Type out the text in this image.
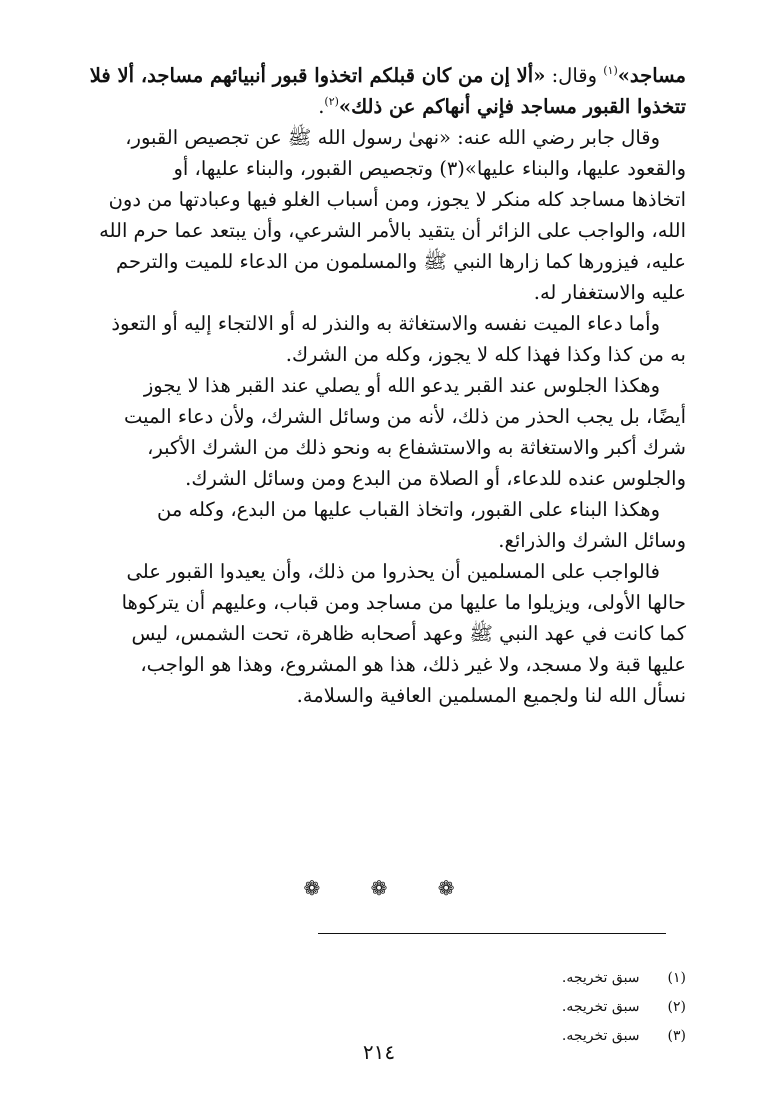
مساجد»$^{(١)}$ وقال: «ألا إن من كان قبلكم اتخذوا قبور أنبيائهم مساجد، ألا فلا
تتخذوا القبور مساجد فإني أنهاكم عن ذلك»$^{(٢)}$.
وقال جابر رضي الله عنه: «نهىٰ رسول الله ﷺ عن تجصيص القبور،
والقعود عليها، والبناء عليها»(٣) وتجصيص القبور، والبناء عليها، أو
اتخاذها مساجد كله منكر لا يجوز، ومن أسباب الغلو فيها وعبادتها من دون
الله، والواجب على الزائر أن يتقيد بالأمر الشرعي، وأن يبتعد عما حرم الله
عليه، فيزورها كما زارها النبي ﷺ والمسلمون من الدعاء للميت والترحم
عليه والاستغفار له.
وأما دعاء الميت نفسه والاستغاثة به والنذر له أو الالتجاء إليه أو التعوذ
به من كذا وكذا فهذا كله لا يجوز، وكله من الشرك.
وهكذا الجلوس عند القبر يدعو الله أو يصلي عند القبر هذا لا يجوز
أيضًا، بل يجب الحذر من ذلك، لأنه من وسائل الشرك، ولأن دعاء الميت
شرك أكبر والاستغاثة به والاستشفاع به ونحو ذلك من الشرك الأكبر،
والجلوس عنده للدعاء، أو الصلاة من البدع ومن وسائل الشرك.
وهكذا البناء على القبور، واتخاذ القباب عليها من البدع، وكله من
وسائل الشرك والذرائع.
فالواجب على المسلمين أن يحذروا من ذلك، وأن يعيدوا القبور على
حالها الأولى، ويزيلوا ما عليها من مساجد ومن قباب، وعليهم أن يتركوها
كما كانت في عهد النبي ﷺ وعهد أصحابه ظاهرة، تحت الشمس، ليس
عليها قبة ولا مسجد، ولا غير ذلك، هذا هو المشروع، وهذا هو الواجب،
نسأل الله لنا ولجميع المسلمين العافية والسلامة.
❁ ❁ ❁
(١) سبق تخريجه.
(٢) سبق تخريجه.
(٣) سبق تخريجه.
٢١٤
